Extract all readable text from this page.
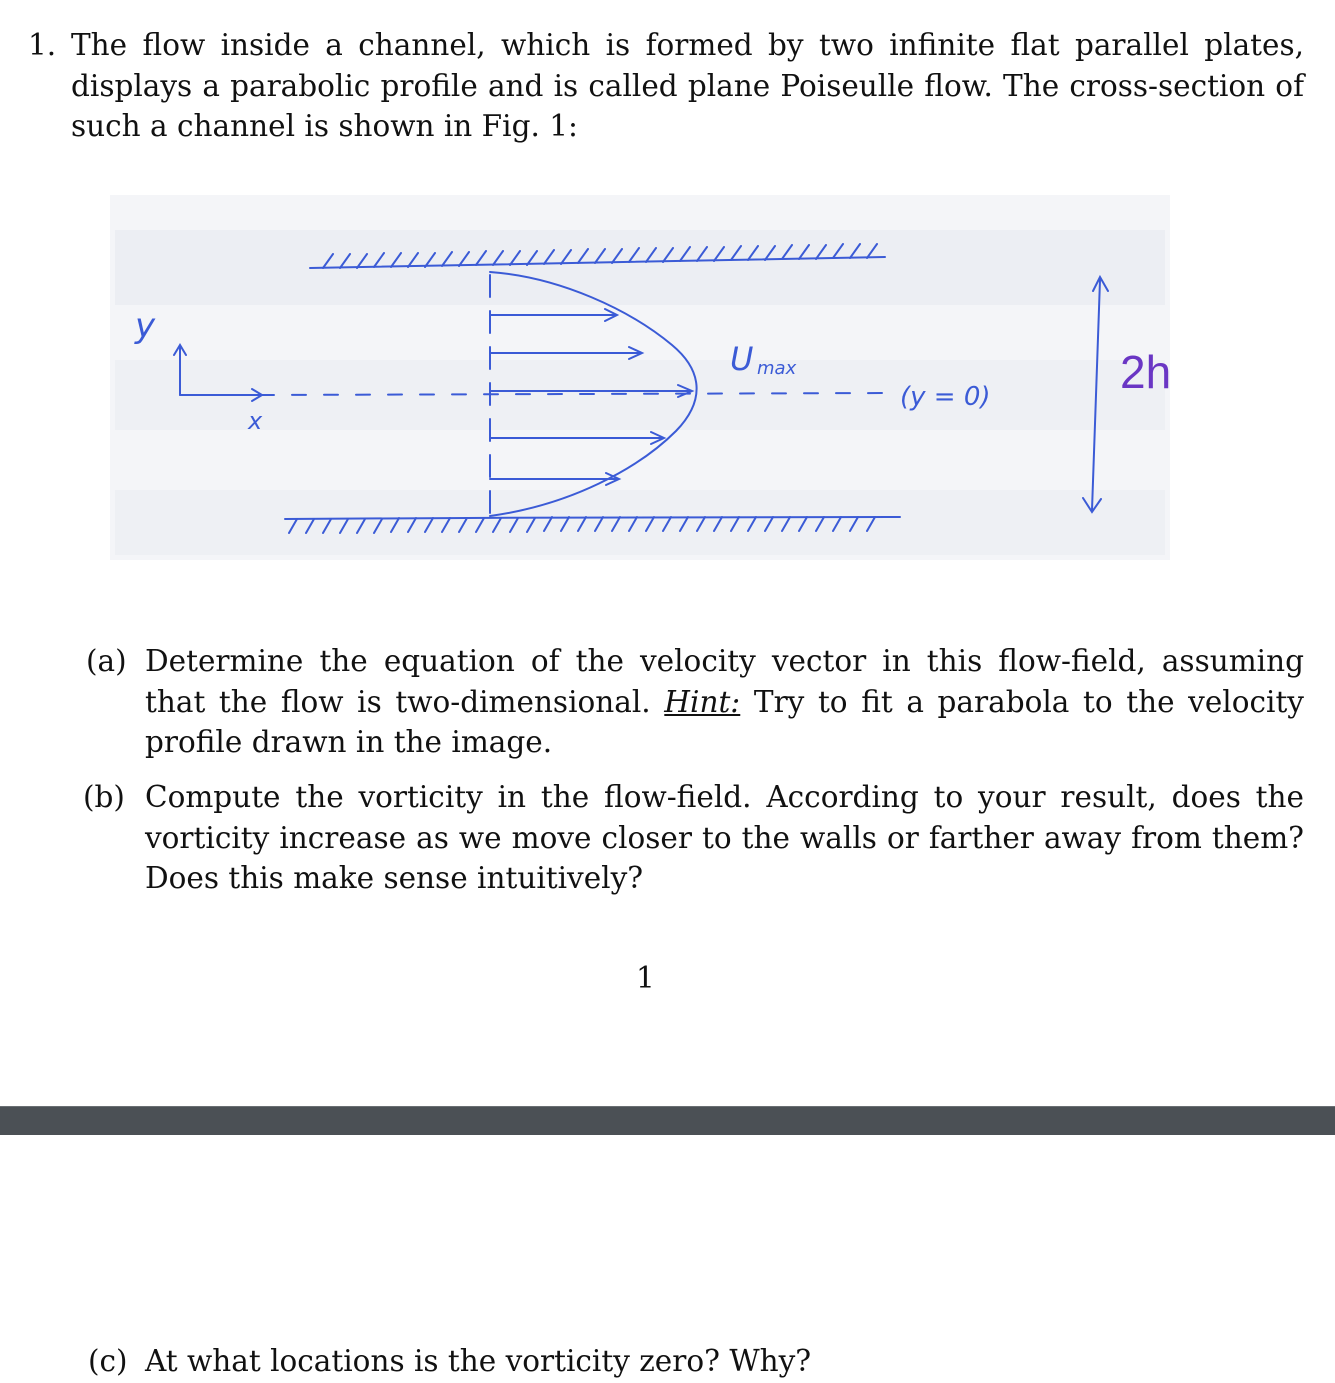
1. The flow inside a channel, which is formed by two infinite flat parallel plates, displays a parabolic profile and is called plane Poiseulle flow. The cross-section of such a channel is shown in Fig. 1:
y
x
U max
(y = 0)	2h
(a) Determine the equation of the velocity vector in this flow-field, assuming that the flow is two-dimensional. Hint: Try to fit a parabola to the velocity profile drawn in the image.
(b) Compute the vorticity in the flow-field. According to your result, does the vorticity increase as we move closer to the walls or farther away from them? Does this make sense intuitively?
1
(c) At what locations is the vorticity zero? Why?
